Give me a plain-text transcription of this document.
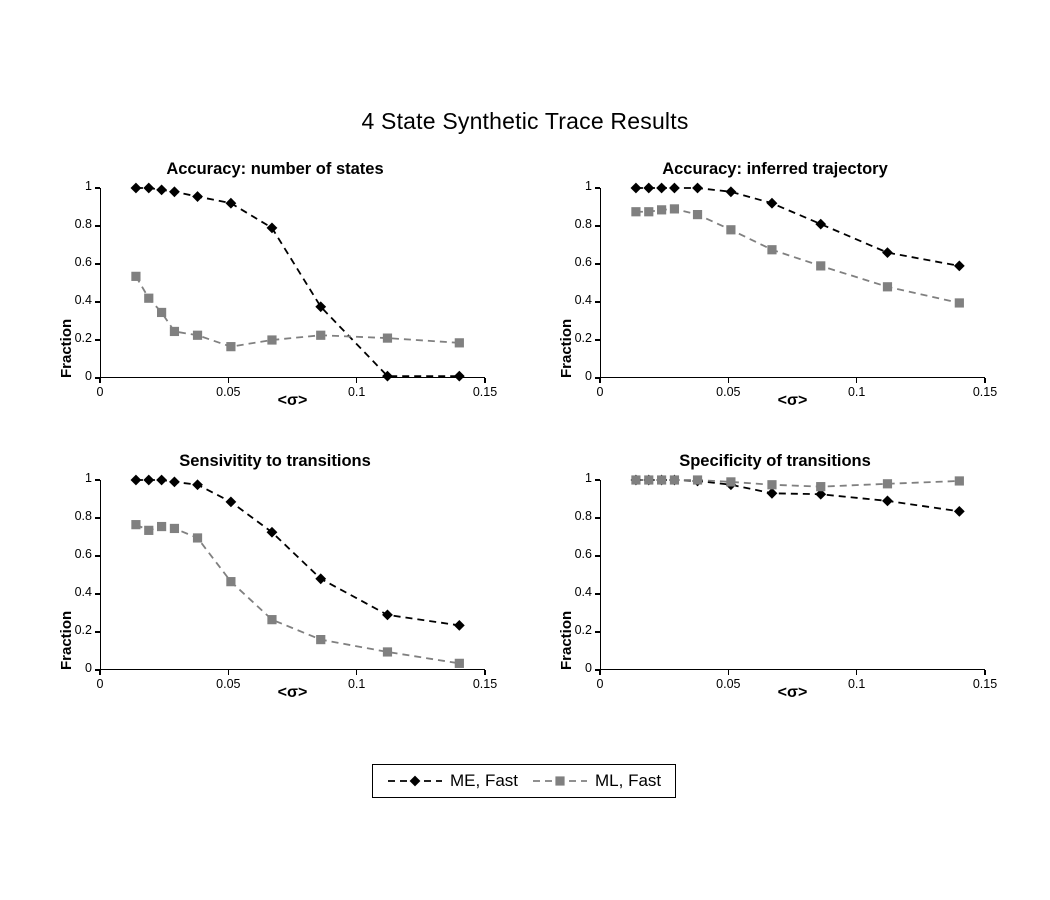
4 State Synthetic Trace Results
Accuracy: number of states
Fraction
<σ>
0
0.2
0.4
0.6
0.8
1
0	0.05	0.1	0.15
Accuracy: inferred trajectory
Fraction
<σ>
0
0.2
0.4
0.6
0.8
1
0	0.05	0.1	0.15
Sensivitity to transitions
Fraction
<σ>
0
0.2
0.4
0.6
0.8
1
0	0.05	0.1	0.15
Specificity of transitions
Fraction
<σ>
0
0.2
0.4
0.6
0.8
1
0	0.05	0.1	0.15
ME, Fast	ML, Fast
